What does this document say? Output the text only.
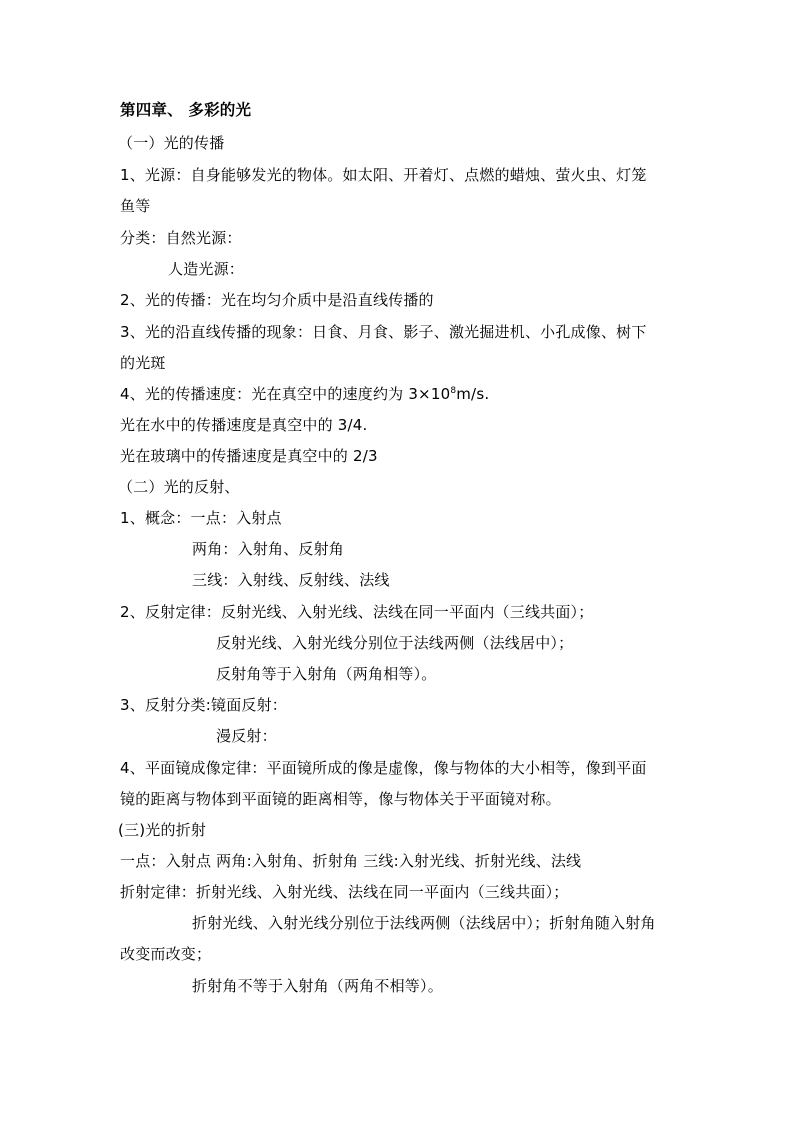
第四章、 多彩的光
（一）光的传播
1、光源：自身能够发光的物体。如太阳、开着灯、点燃的蜡烛、萤火虫、灯笼
鱼等
分类：自然光源：
人造光源：
2、光的传播：光在均匀介质中是沿直线传播的
3、光的沿直线传播的现象：日食、月食、影子、激光掘进机、小孔成像、树下
的光斑
4、光的传播速度：光在真空中的速度约为 $3\times 10^8m/s$.
光在水中的传播速度是真空中的 3/4.
光在玻璃中的传播速度是真空中的 2/3
（二）光的反射、
1、概念：一点：入射点
两角：入射角、反射角
三线：入射线、反射线、法线
2、反射定律：反射光线、入射光线、法线在同一平面内（三线共面）；
反射光线、入射光线分别位于法线两侧（法线居中）；
反射角等于入射角（两角相等）。
3、反射分类:镜面反射：
漫反射：
4、平面镜成像定律：平面镜所成的像是虚像，像与物体的大小相等，像到平面
镜的距离与物体到平面镜的距离相等，像与物体关于平面镜对称。
(三)光的折射
一点：入射点 两角:入射角、折射角 三线:入射光线、折射光线、法线
折射定律：折射光线、入射光线、法线在同一平面内（三线共面）；
折射光线、入射光线分别位于法线两侧（法线居中）；折射角随入射角
改变而改变；
折射角不等于入射角（两角不相等）。
